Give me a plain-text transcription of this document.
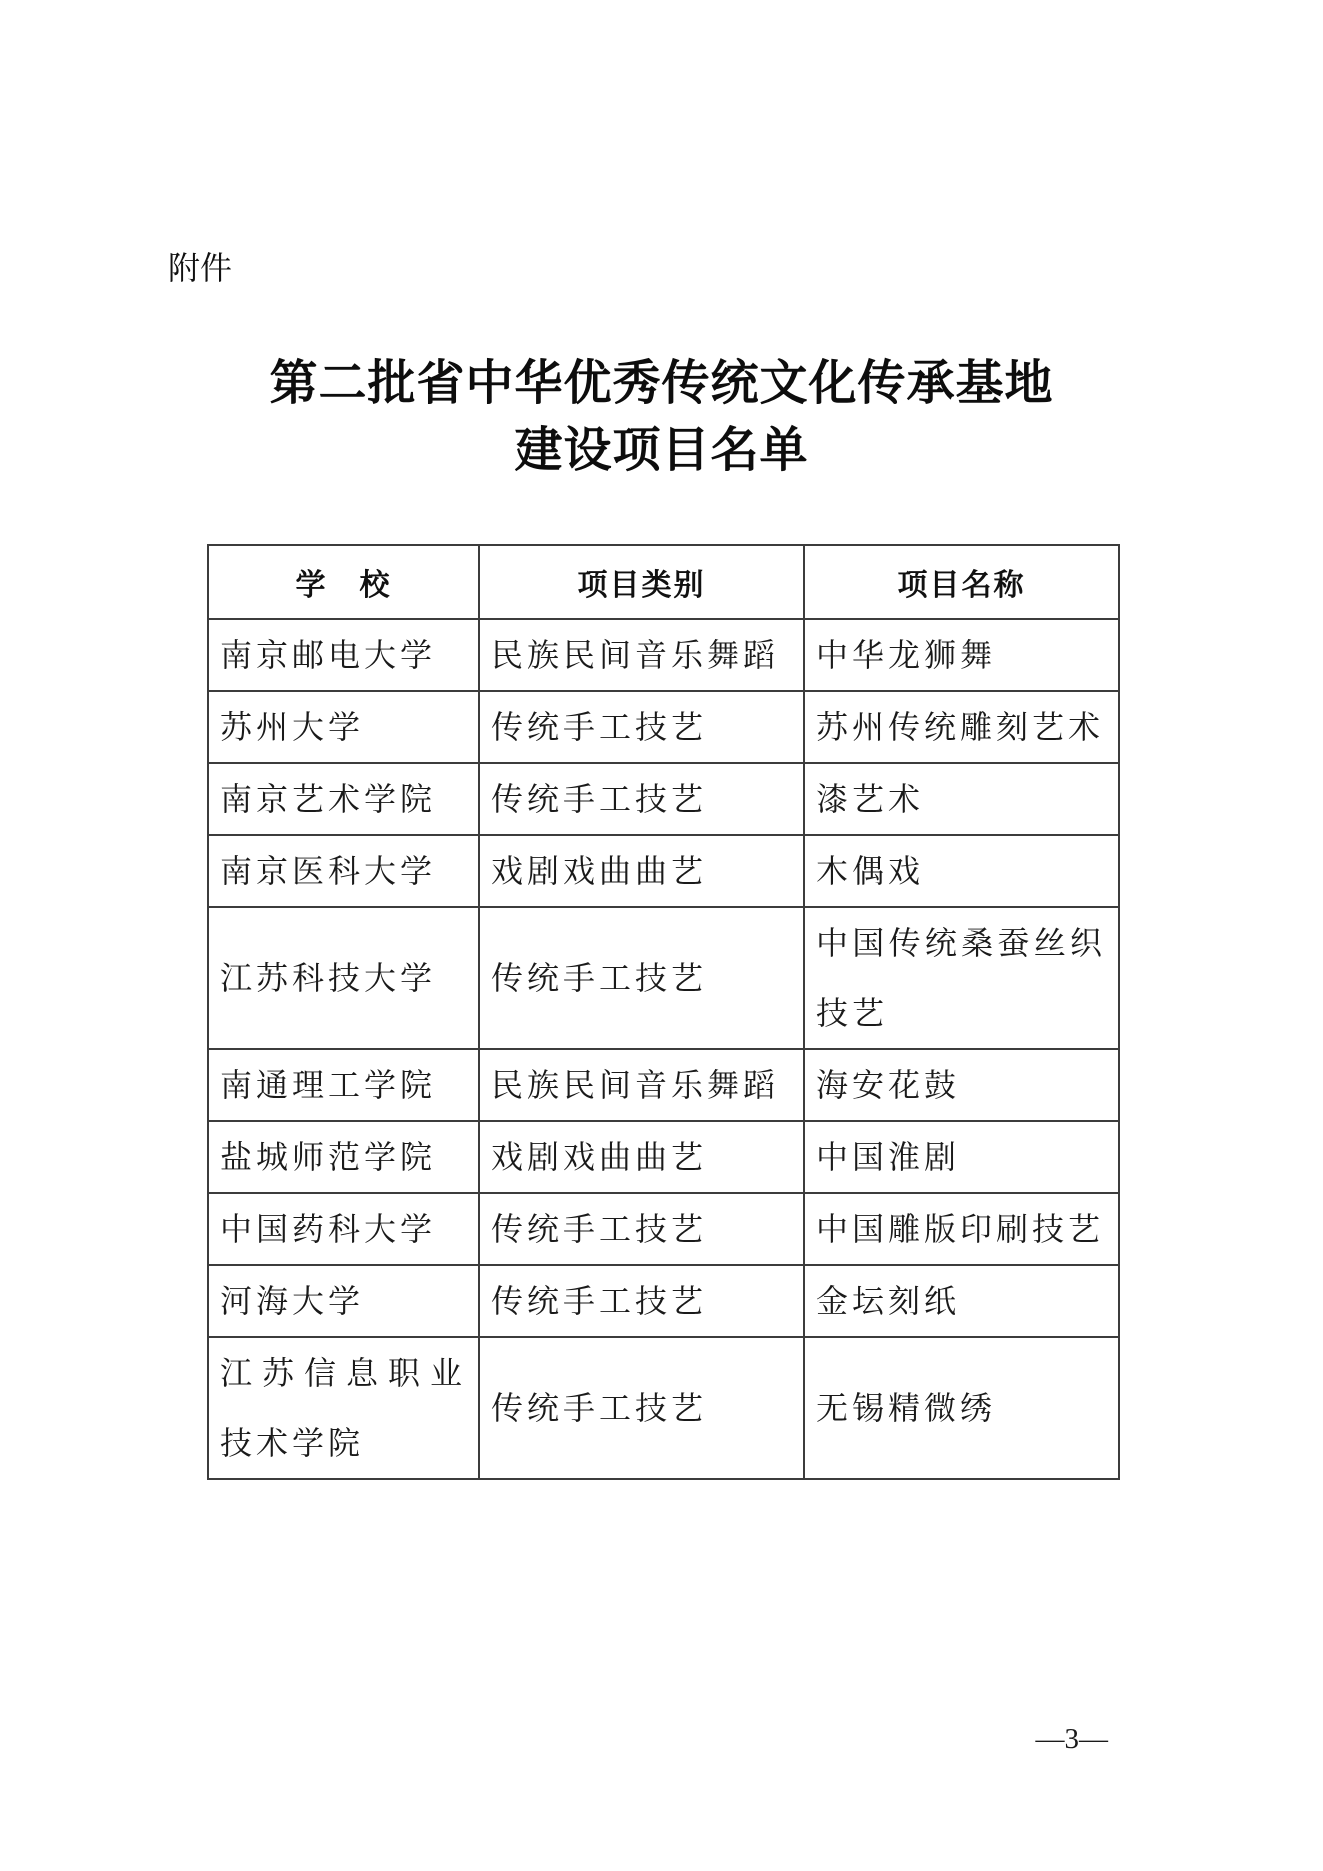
附件
第二批省中华优秀传统文化传承基地
建设项目名单
学　校	项目类别	项目名称
南京邮电大学	民族民间音乐舞蹈	中华龙狮舞
苏州大学	传统手工技艺	苏州传统雕刻艺术
南京艺术学院	传统手工技艺	漆艺术
南京医科大学	戏剧戏曲曲艺	木偶戏
江苏科技大学	传统手工技艺	中国传统桑蚕丝织技艺
南通理工学院	民族民间音乐舞蹈	海安花鼓
盐城师范学院	戏剧戏曲曲艺	中国淮剧
中国药科大学	传统手工技艺	中国雕版印刷技艺
河海大学	传统手工技艺	金坛刻纸
江苏信息职业技术学院	传统手工技艺	无锡精微绣
—3—
